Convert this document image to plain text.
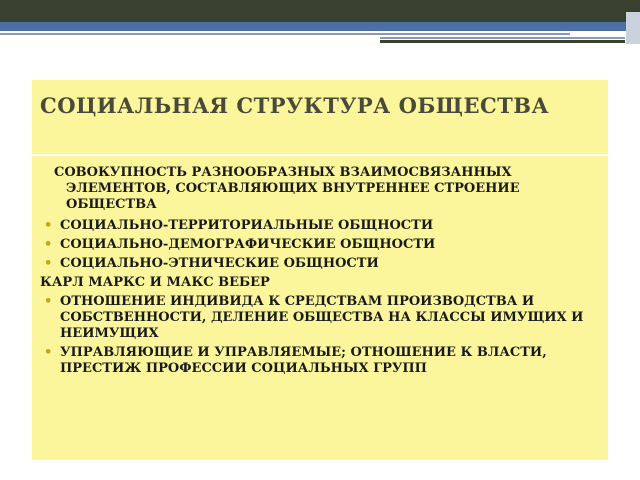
СОЦИАЛЬНАЯ СТРУКТУРА ОБЩЕСТВА

СОВОКУПНОСТЬ РАЗНООБРАЗНЫХ ВЗАИМОСВЯЗАННЫХ ЭЛЕМЕНТОВ, СОСТАВЛЯЮЩИХ ВНУТРЕННЕЕ СТРОЕНИЕ ОБЩЕСТВА

• СОЦИАЛЬНО-ТЕРРИТОРИАЛЬНЫЕ ОБЩНОСТИ
• СОЦИАЛЬНО-ДЕМОГРАФИЧЕСКИЕ ОБЩНОСТИ
• СОЦИАЛЬНО-ЭТНИЧЕСКИЕ ОБЩНОСТИ

КАРЛ МАРКС И МАКС ВЕБЕР

• ОТНОШЕНИЕ ИНДИВИДА К СРЕДСТВАМ ПРОИЗВОДСТВА И СОБСТВЕННОСТИ, ДЕЛЕНИЕ ОБЩЕСТВА НА КЛАССЫ ИМУЩИХ И НЕИМУЩИХ
• УПРАВЛЯЮЩИЕ И УПРАВЛЯЕМЫЕ; ОТНОШЕНИЕ К ВЛАСТИ, ПРЕСТИЖ ПРОФЕССИИ СОЦИАЛЬНЫХ ГРУПП
